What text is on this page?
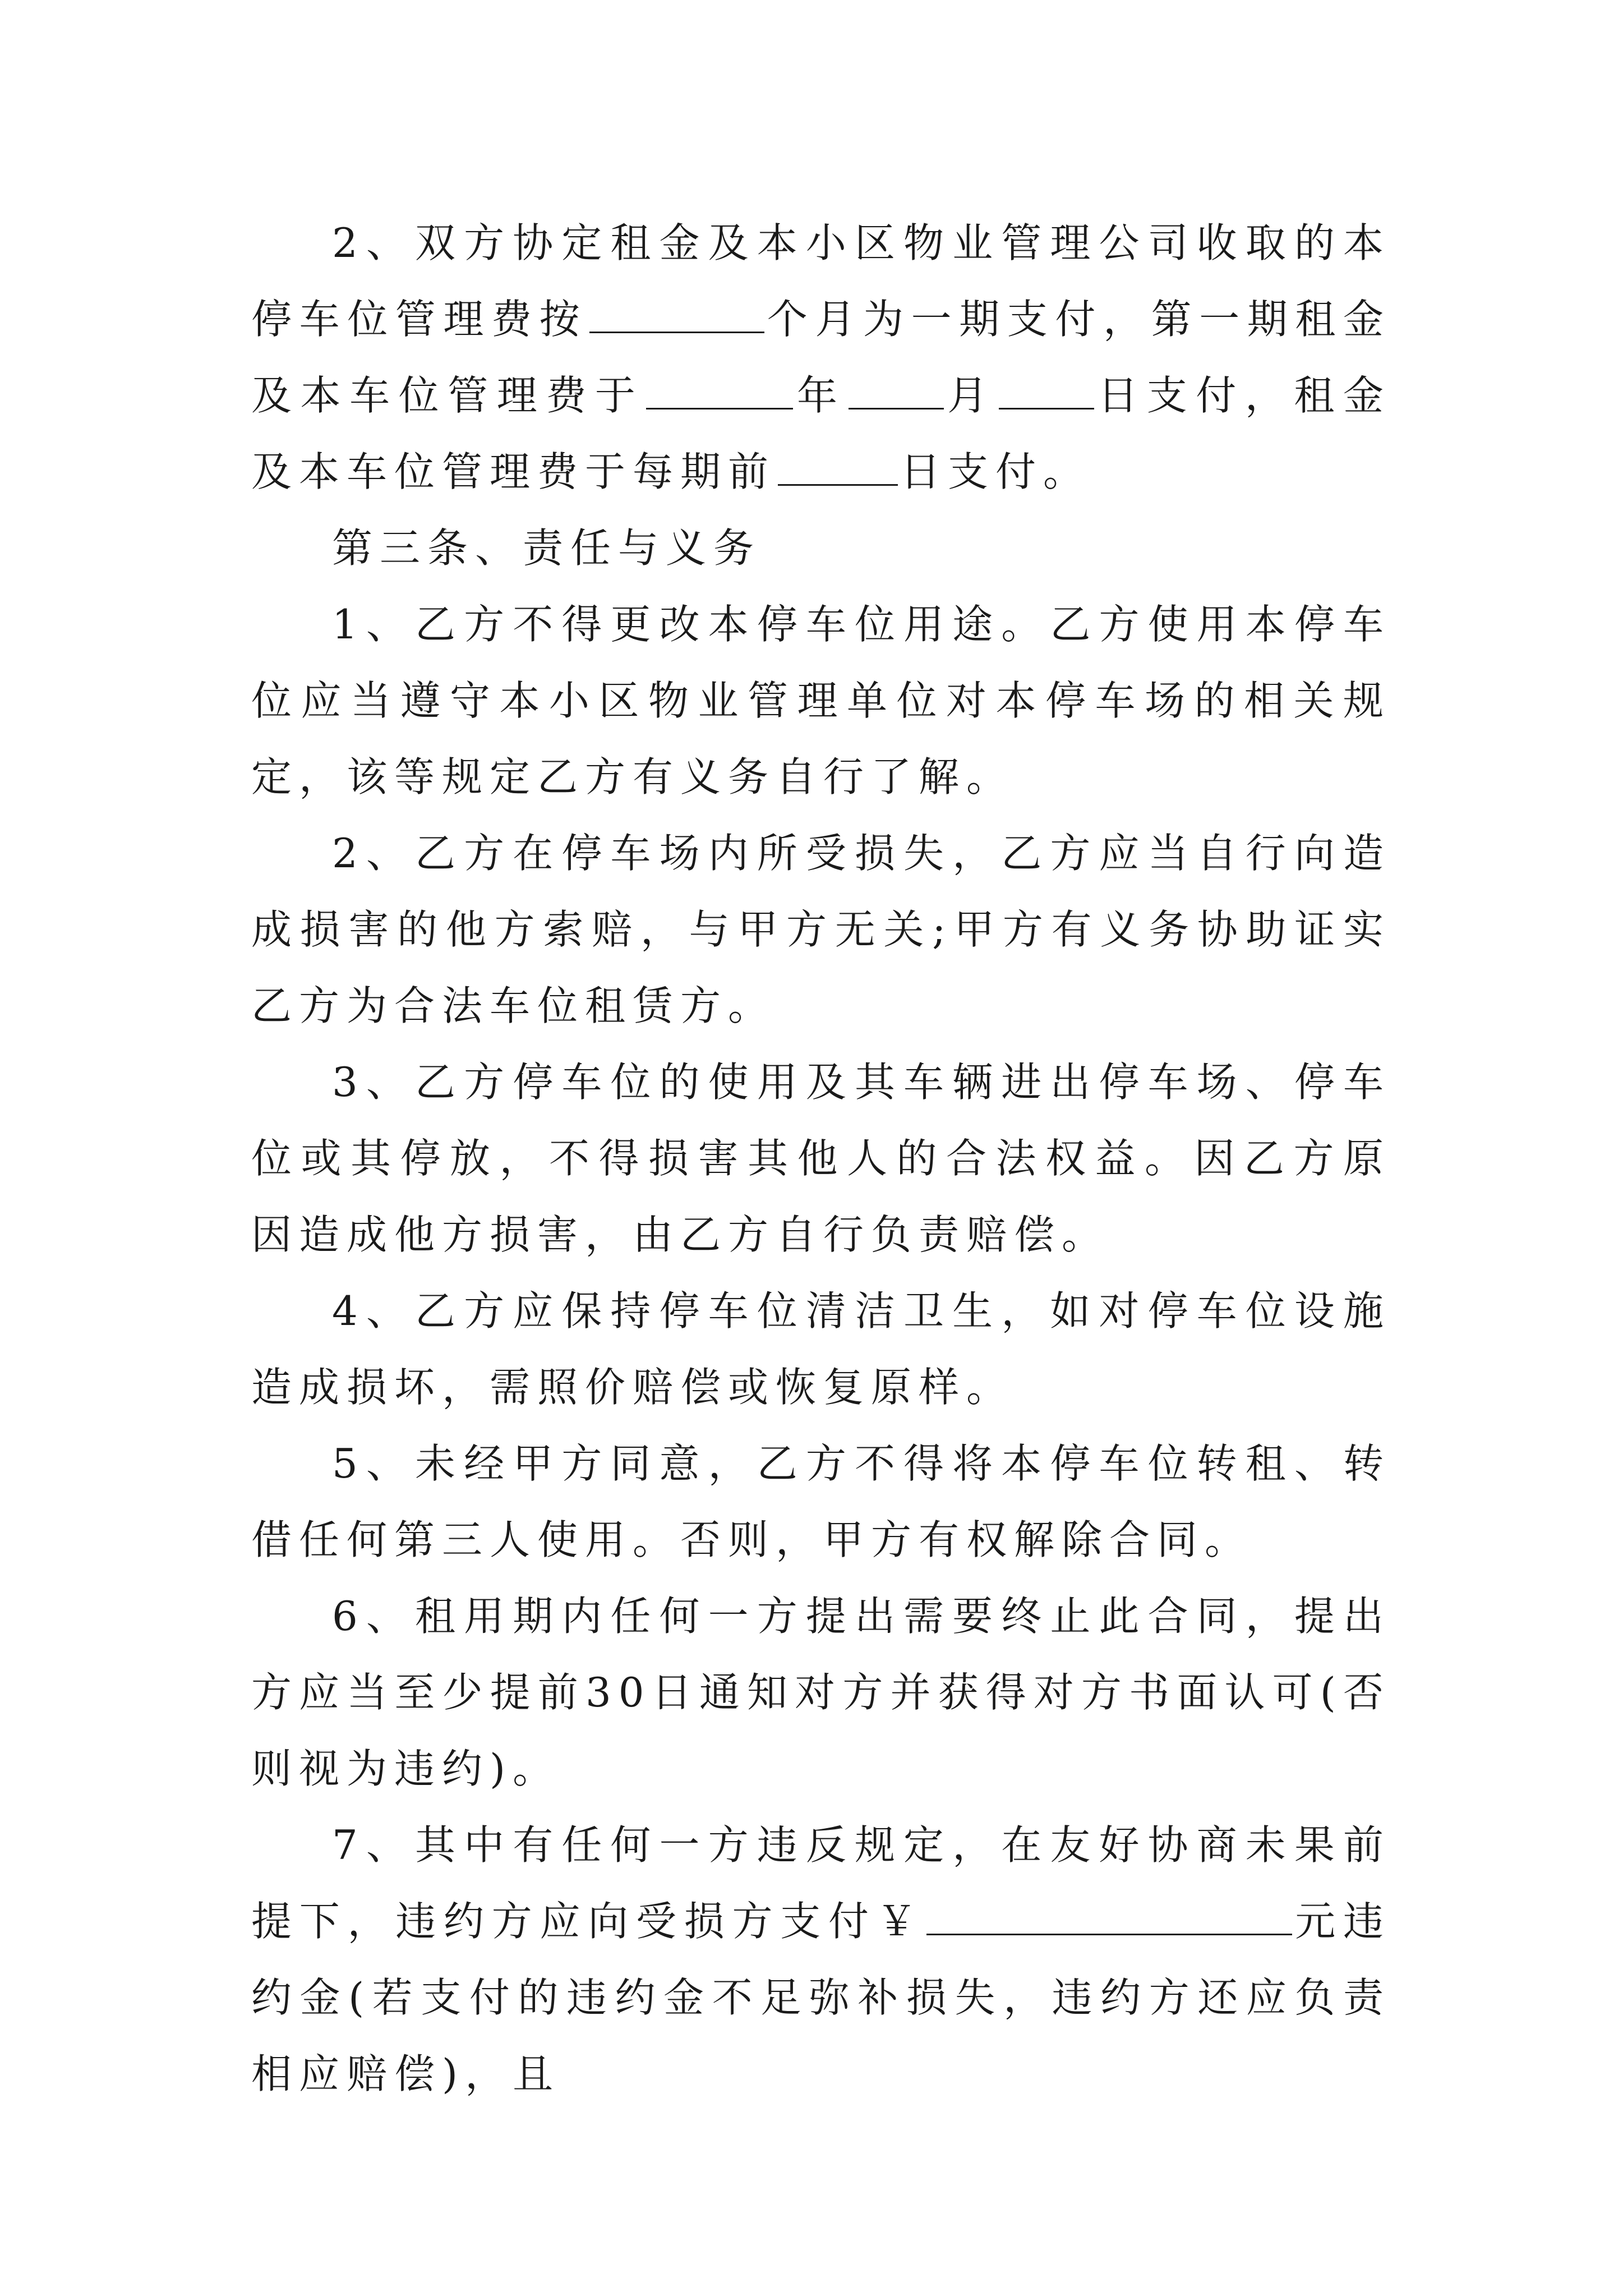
2、双方协定租金及本小区物业管理公司收取的本停车位管理费按	个月为一期支付，第一期租金及本车位管理费于	年 月 日支付，租金及本车位管理费于每期前	日支付。

第三条、责任与义务

1、乙方不得更改本停车位用途。乙方使用本停车位应当遵守本小区物业管理单位对本停车场的相关规定，该等规定乙方有义务自行了解。

2、乙方在停车场内所受损失，乙方应当自行向造成损害的他方索赔，与甲方无关;甲方有义务协助证实乙方为合法车位租赁方。

3、乙方停车位的使用及其车辆进出停车场、停车位或其停放，不得损害其他人的合法权益。因乙方原因造成他方损害，由乙方自行负责赔偿。

4、乙方应保持停车位清洁卫生，如对停车位设施造成损坏，需照价赔偿或恢复原样。

5、未经甲方同意，乙方不得将本停车位转租、转借任何第三人使用。否则，甲方有权解除合同。

6、租用期内任何一方提出需要终止此合同，提出方应当至少提前30日通知对方并获得对方书面认可(否则视为违约)。

7、其中有任何一方违反规定，在友好协商未果前提下，违约方应向受损方支付￥	元违约金(若支付的违约金不足弥补损失，违约方还应负责相应赔偿)，且
